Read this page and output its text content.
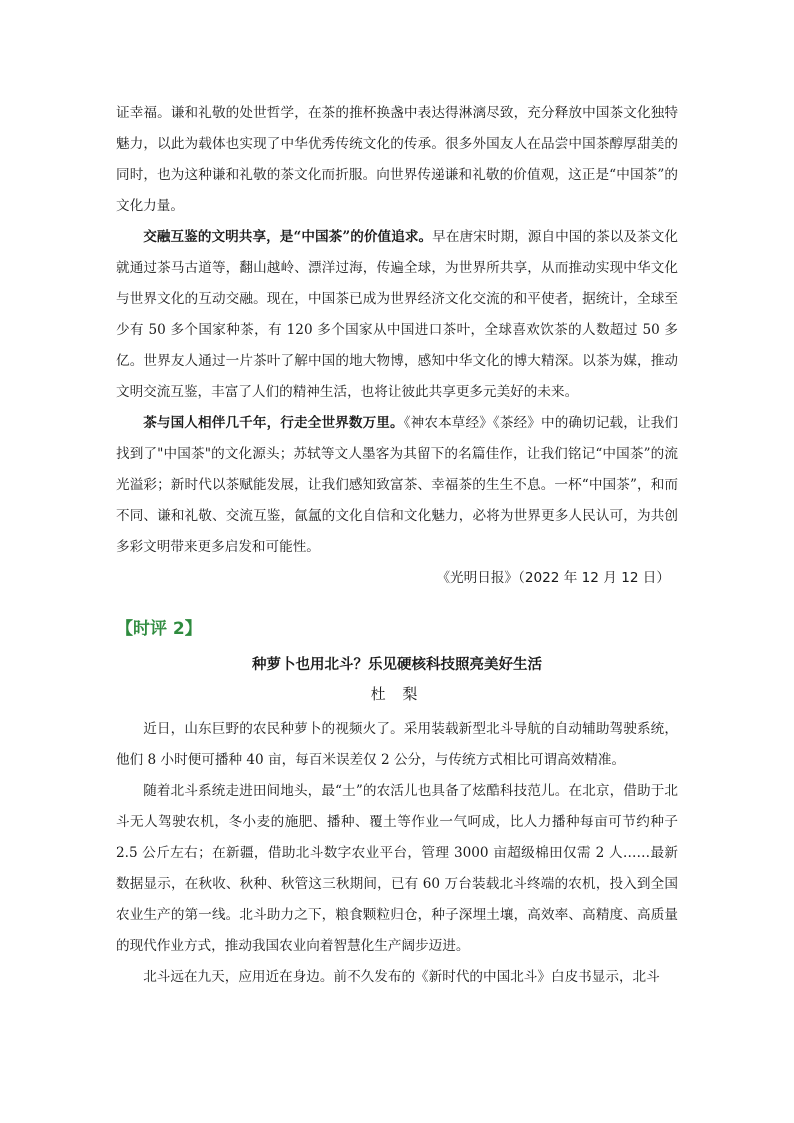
证幸福。谦和礼敬的处世哲学，在茶的推杯换盏中表达得淋漓尽致，充分释放中国茶文化独特魅力，以此为载体也实现了中华优秀传统文化的传承。很多外国友人在品尝中国茶醇厚甜美的同时，也为这种谦和礼敬的茶文化而折服。向世界传递谦和礼敬的价值观，这正是“中国茶”的文化力量。

交融互鉴的文明共享，是“中国茶”的价值追求。早在唐宋时期，源自中国的茶以及茶文化就通过茶马古道等，翻山越岭、漂洋过海，传遍全球，为世界所共享，从而推动实现中华文化与世界文化的互动交融。现在，中国茶已成为世界经济文化交流的和平使者，据统计，全球至少有 50 多个国家种茶，有 120 多个国家从中国进口茶叶，全球喜欢饮茶的人数超过 50 多亿。世界友人通过一片茶叶了解中国的地大物博，感知中华文化的博大精深。以茶为媒，推动文明交流互鉴，丰富了人们的精神生活，也将让彼此共享更多元美好的未来。

茶与国人相伴几千年，行走全世界数万里。《神农本草经》《茶经》中的确切记载，让我们找到了"中国茶"的文化源头；苏轼等文人墨客为其留下的名篇佳作，让我们铭记“中国茶”的流光溢彩；新时代以茶赋能发展，让我们感知致富茶、幸福茶的生生不息。一杯“中国茶”，和而不同、谦和礼敬、交流互鉴，氤氲的文化自信和文化魅力，必将为世界更多人民认可，为共创多彩文明带来更多启发和可能性。

《光明日报》（2022 年 12 月 12 日）
【时评 2】
种萝卜也用北斗？乐见硬核科技照亮美好生活
杜 梨

近日，山东巨野的农民种萝卜的视频火了。采用装载新型北斗导航的自动辅助驾驶系统，他们 8 小时便可播种 40 亩，每百米误差仅 2 公分，与传统方式相比可谓高效精准。

随着北斗系统走进田间地头，最“土”的农活儿也具备了炫酷科技范儿。在北京，借助于北斗无人驾驶农机，冬小麦的施肥、播种、覆土等作业一气呵成，比人力播种每亩可节约种子 2.5 公斤左右；在新疆，借助北斗数字农业平台，管理 3000 亩超级棉田仅需 2 人……最新数据显示，在秋收、秋种、秋管这三秋期间，已有 60 万台装载北斗终端的农机，投入到全国农业生产的第一线。北斗助力之下，粮食颗粒归仓，种子深埋土壤，高效率、高精度、高质量的现代作业方式，推动我国农业向着智慧化生产阔步迈进。

北斗远在九天，应用近在身边。前不久发布的《新时代的中国北斗》白皮书显示，北斗
